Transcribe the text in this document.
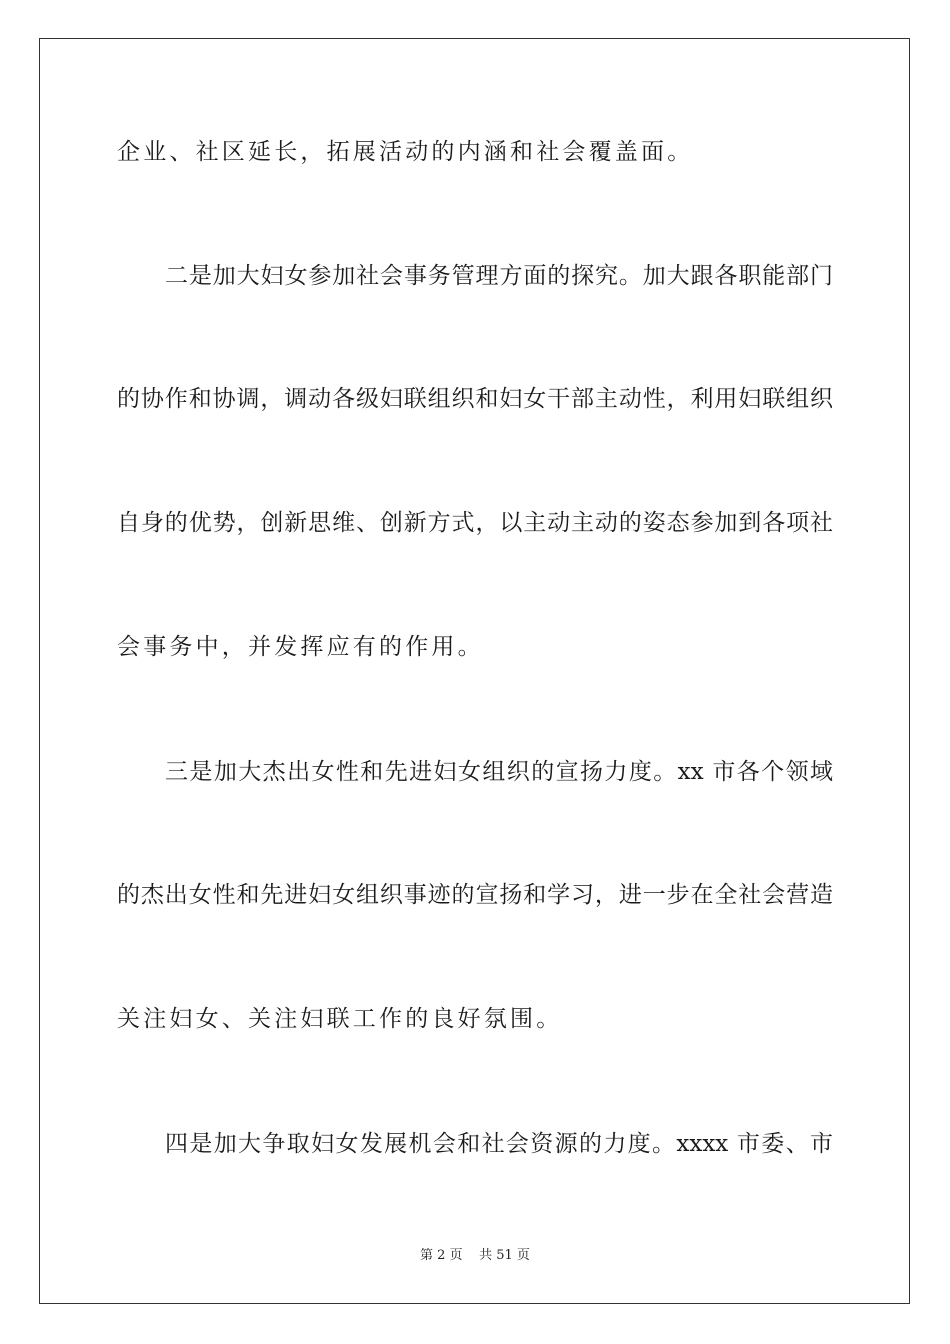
企业、社区延长，拓展活动的内涵和社会覆盖面。
二是加大妇女参加社会事务管理方面的探究。加大跟各职能部门
的协作和协调，调动各级妇联组织和妇女干部主动性，利用妇联组织
自身的优势，创新思维、创新方式，以主动主动的姿态参加到各项社
会事务中，并发挥应有的作用。
三是加大杰出女性和先进妇女组织的宣扬力度。xx 市各个领域
的杰出女性和先进妇女组织事迹的宣扬和学习，进一步在全社会营造
关注妇女、关注妇联工作的良好氛围。
四是加大争取妇女发展机会和社会资源的力度。xxxx 市委、市
第 2 页 共 51 页
